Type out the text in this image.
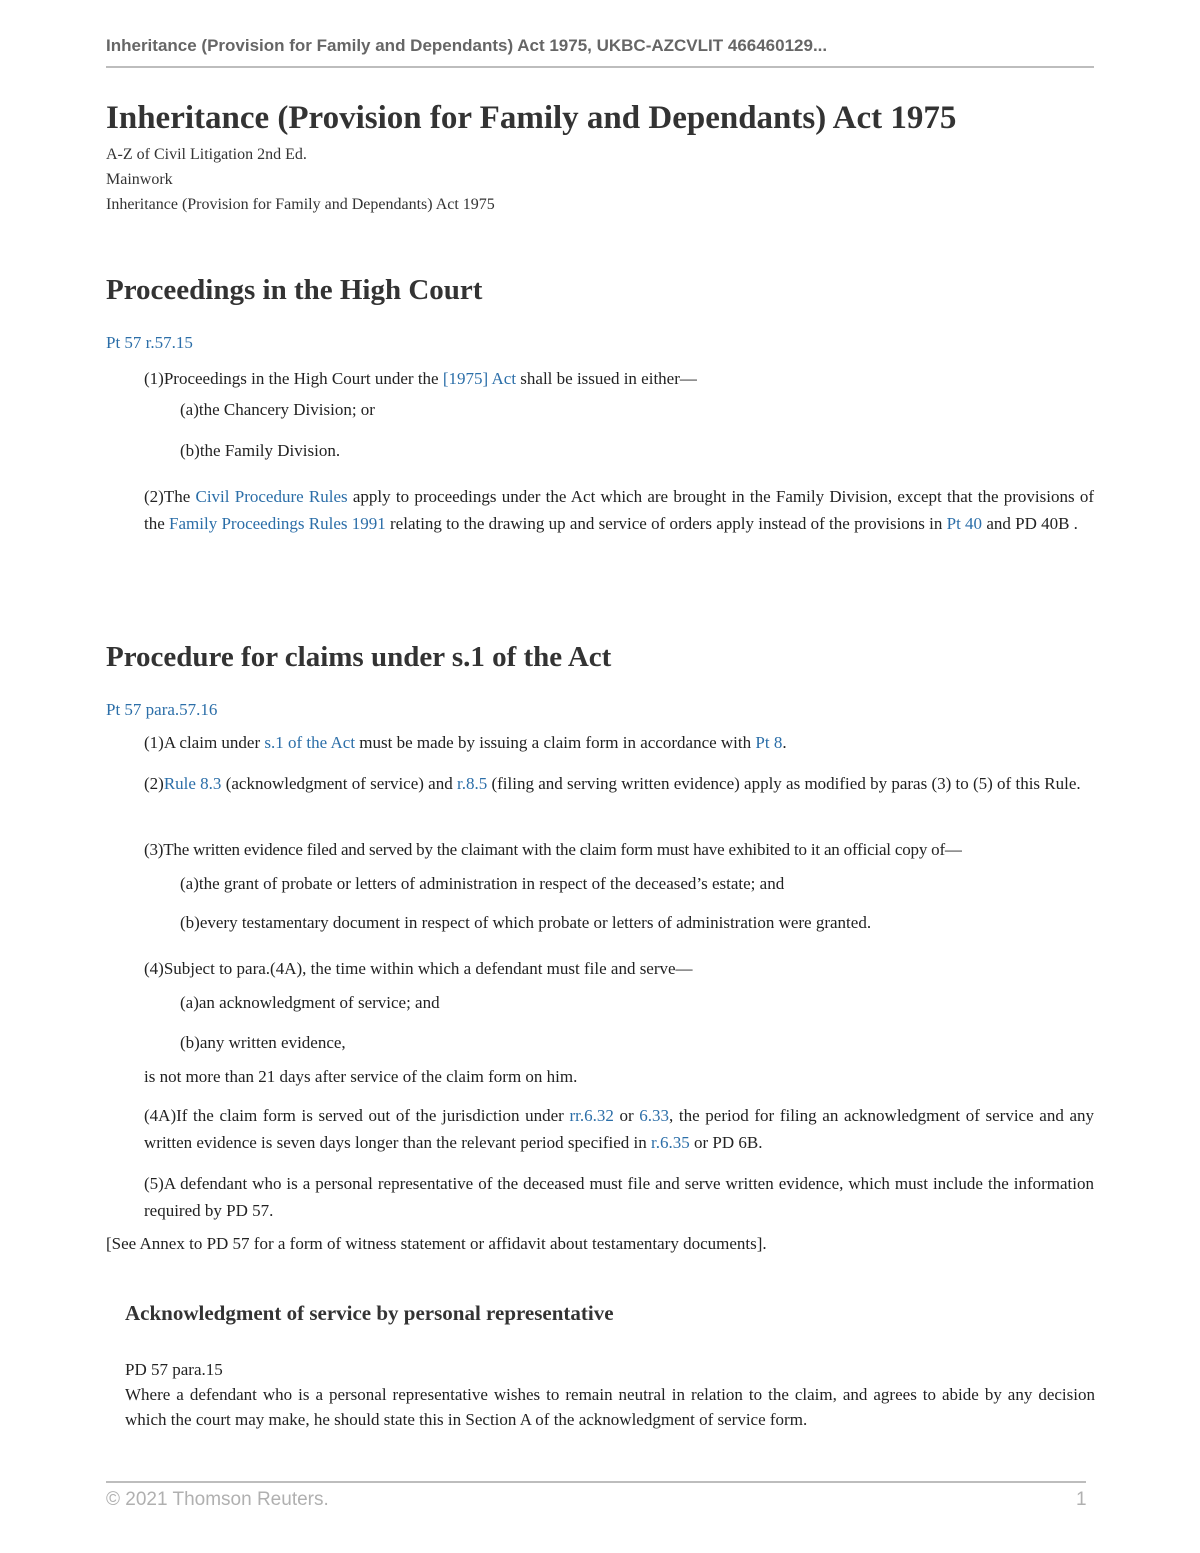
Inheritance (Provision for Family and Dependants) Act 1975, UKBC-AZCVLIT 466460129...
Inheritance (Provision for Family and Dependants) Act 1975
A-Z of Civil Litigation 2nd Ed.
Mainwork
Inheritance (Provision for Family and Dependants) Act 1975
Proceedings in the High Court
Pt 57 r.57.15

(1)Proceedings in the High Court under the [1975] Act shall be issued in either—

(a)the Chancery Division; or

(b)the Family Division.

(2)The Civil Procedure Rules apply to proceedings under the Act which are brought in the Family Division, except that the provisions of the Family Proceedings Rules 1991 relating to the drawing up and service of orders apply instead of the provisions in Pt 40 and PD 40B .

Procedure for claims under s.1 of the Act
Pt 57 para.57.16

(1)A claim under s.1 of the Act must be made by issuing a claim form in accordance with Pt 8.

(2)Rule 8.3 (acknowledgment of service) and r.8.5 (filing and serving written evidence) apply as modified by paras (3) to (5) of this Rule.

(3)The written evidence filed and served by the claimant with the claim form must have exhibited to it an official copy of—

(a)the grant of probate or letters of administration in respect of the deceased’s estate; and

(b)every testamentary document in respect of which probate or letters of administration were granted.

(4)Subject to para.(4A), the time within which a defendant must file and serve—

(a)an acknowledgment of service; and

(b)any written evidence,

is not more than 21 days after service of the claim form on him.

(4A)If the claim form is served out of the jurisdiction under rr.6.32 or 6.33, the period for filing an acknowledgment of service and any written evidence is seven days longer than the relevant period specified in r.6.35 or PD 6B.

(5)A defendant who is a personal representative of the deceased must file and serve written evidence, which must include the information required by PD 57.

[See Annex to PD 57 for a form of witness statement or affidavit about testamentary documents].

Acknowledgment of service by personal representative
PD 57 para.15

Where a defendant who is a personal representative wishes to remain neutral in relation to the claim, and agrees to abide by any decision which the court may make, he should state this in Section A of the acknowledgment of service form.

© 2021 Thomson Reuters.	1
